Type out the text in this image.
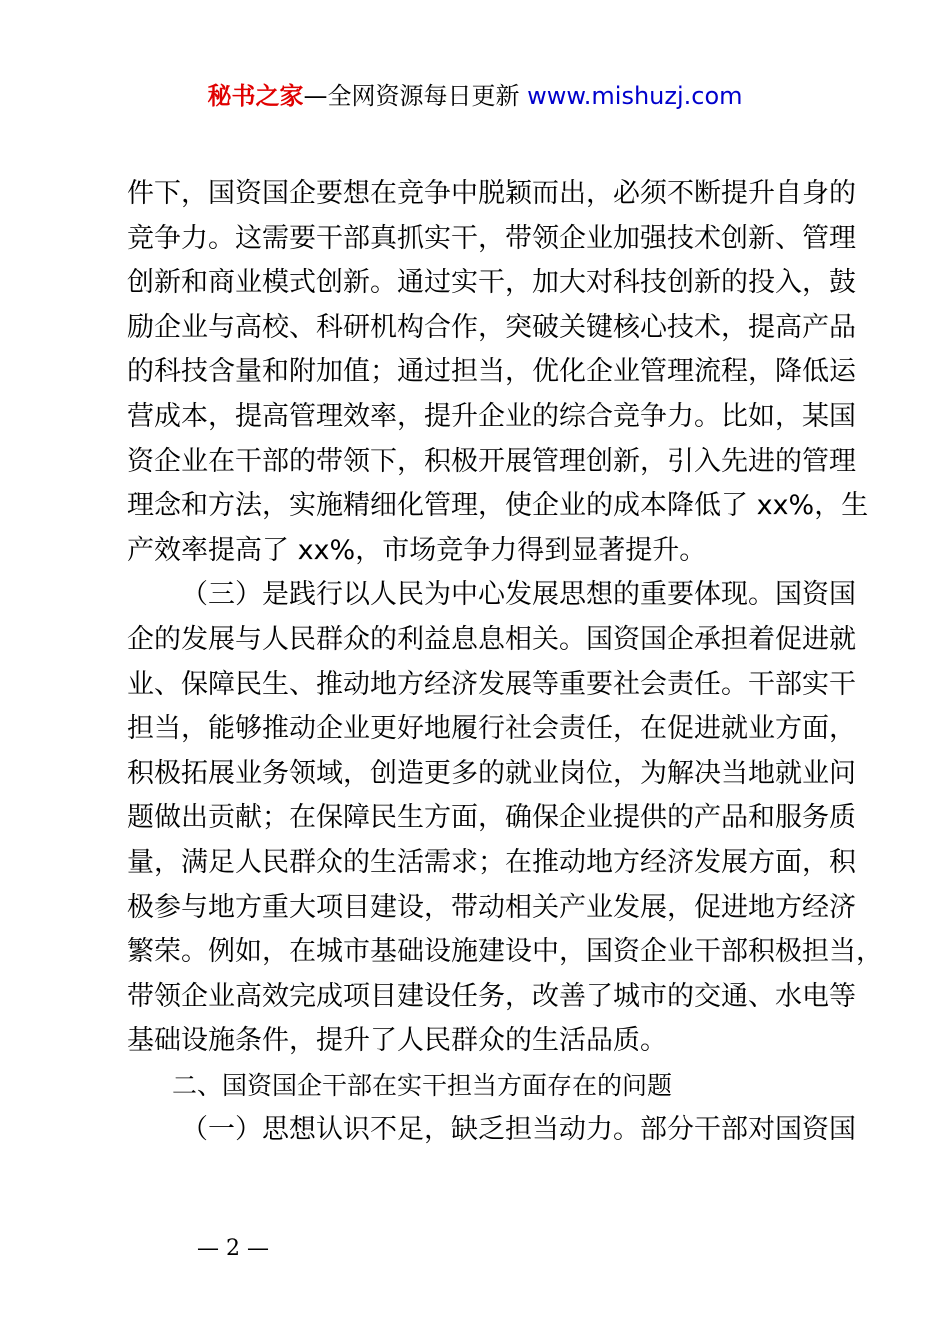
秘书之家—全网资源每日更新 www.mishuzj.com
件下，国资国企要想在竞争中脱颖而出，必须不断提升自身的
竞争力。这需要干部真抓实干，带领企业加强技术创新、管理
创新和商业模式创新。通过实干，加大对科技创新的投入，鼓
励企业与高校、科研机构合作，突破关键核心技术，提高产品
的科技含量和附加值；通过担当，优化企业管理流程，降低运
营成本，提高管理效率，提升企业的综合竞争力。比如，某国
资企业在干部的带领下，积极开展管理创新，引入先进的管理
理念和方法，实施精细化管理，使企业的成本降低了 xx%，生
产效率提高了 xx%，市场竞争力得到显著提升。
（三）是践行以人民为中心发展思想的重要体现。国资国
企的发展与人民群众的利益息息相关。国资国企承担着促进就
业、保障民生、推动地方经济发展等重要社会责任。干部实干
担当，能够推动企业更好地履行社会责任，在促进就业方面，
积极拓展业务领域，创造更多的就业岗位，为解决当地就业问
题做出贡献；在保障民生方面，确保企业提供的产品和服务质
量，满足人民群众的生活需求；在推动地方经济发展方面，积
极参与地方重大项目建设，带动相关产业发展，促进地方经济
繁荣。例如，在城市基础设施建设中，国资企业干部积极担当，
带领企业高效完成项目建设任务，改善了城市的交通、水电等
基础设施条件，提升了人民群众的生活品质。
二、国资国企干部在实干担当方面存在的问题
（一）思想认识不足，缺乏担当动力。部分干部对国资国
— 2 —
